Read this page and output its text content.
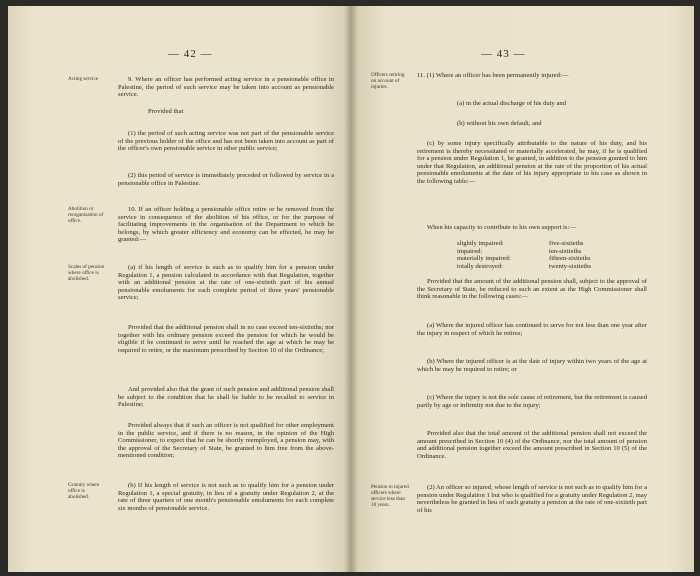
— 42 —
Acting service	9. Where an officer has performed acting service in a pensionable office in Palestine, the period of such service may be taken into account as pensionable service.
Provided that
(1) the period of such acting service was not part of the pensionable service of the previous holder of the office and has not been taken into account as part of the officer's own pensionable service in other public service;
(2) this period of service is immediately preceded or followed by service in a pensionable office in Palestine.
Abolition or reorganisation of office.
10. If an officer holding a pensionable office retire or be removed from the service in consequence of the abolition of his office, or for the purpose of facilitating improvements in the organisation of the Department to which he belongs, by which greater efficiency and economy can be effected, he may be granted:—
Scales of pension where office is abolished.
(a) if his length of service is such as to qualify him for a pension under Regulation 1, a pension calculated in accordance with that Regulation, together with an additional pension at the rate of one-sixtieth part of his annual pensionable emoluments for each complete period of three years' pensionable service;
Provided that the additional pension shall in no case exceed ten-sixtieths; nor together with his ordinary pension exceed the pension for which he would be eligible if he continued to serve until he reached the age at which he may be required to retire, or the maximum prescribed by Section 10 of the Ordinance;
And provided also that the grant of such pension and additional pension shall be subject to the condition that he shall be liable to be recalled to service in Palestine;
Provided always that if such an officer is not qualified for other employment in the public service, and if there is no reason, in the opinion of the High Commissioner, to expect that he can be shortly reemployed, a pension may, with the approval of the Secretary of State, be granted to him free from the above-mentioned condition;
Gratuity where office is abolished.
(b) If his length of service is not such as to qualify him for a pension under Regulation 1, a special gratuity, in lieu of a gratuity under Regulation 2, at the rate of three quarters of one month's pensionable emoluments for each complete six months of pensionable service.
— 43 —
Officers retiring on account of injuries.
11. (1) Where an officer has been permanently injured:—
(a) in the actual discharge of his duty and
(b) without his own default, and
(c) by some injury specifically attributable to the nature of his duty, and his retirement is thereby necessitated or materially accelerated, he may, if he is qualified for a pension under Regulation 1, be granted, in addition to the pension granted to him under that Regulation, an additional pension at the rate of the proportion of his actual pensionable emoluments at the date of his injury appropriate to his case as shown in the following table:—
When his capacity to contribute to his own support is:—
slightly impaired:	five-sixtieths
impaired:	ten-sixtieths
materially impaired:	fifteen-sixtieths
totally destroyed:	twenty-sixtieths
Provided that the amount of the additional pension shall, subject to the approval of the Secretary of State, be reduced to such an extent as the High Commissioner shall think reasonable in the following cases:—
(a) Where the injured officer has continued to serve for not less than one year after the injury in respect of which he retires;
(b) Where the injured officer is at the date of injury within two years of the age at which he may be required to retire; or
(c) Where the injury is not the sole cause of retirement, but the retirement is caused partly by age or infirmity not due to the injury;
Provided also that the total amount of the additional pension shall not exceed the amount prescribed in Section 10 (4) of the Ordinance, nor the total amount of pension and additional pension together exceed the amount prescribed in Section 10 (5) of the Ordinance.
Pension to injured officers where service less than 10 years.
(2) An officer so injured, whose length of service is not such as to qualify him for a pension under Regulation 1 but who is qualified for a gratuity under Regulation 2, may nevertheless be granted in lieu of such gratuity a pension at the rate of one-sixtieth part of his
